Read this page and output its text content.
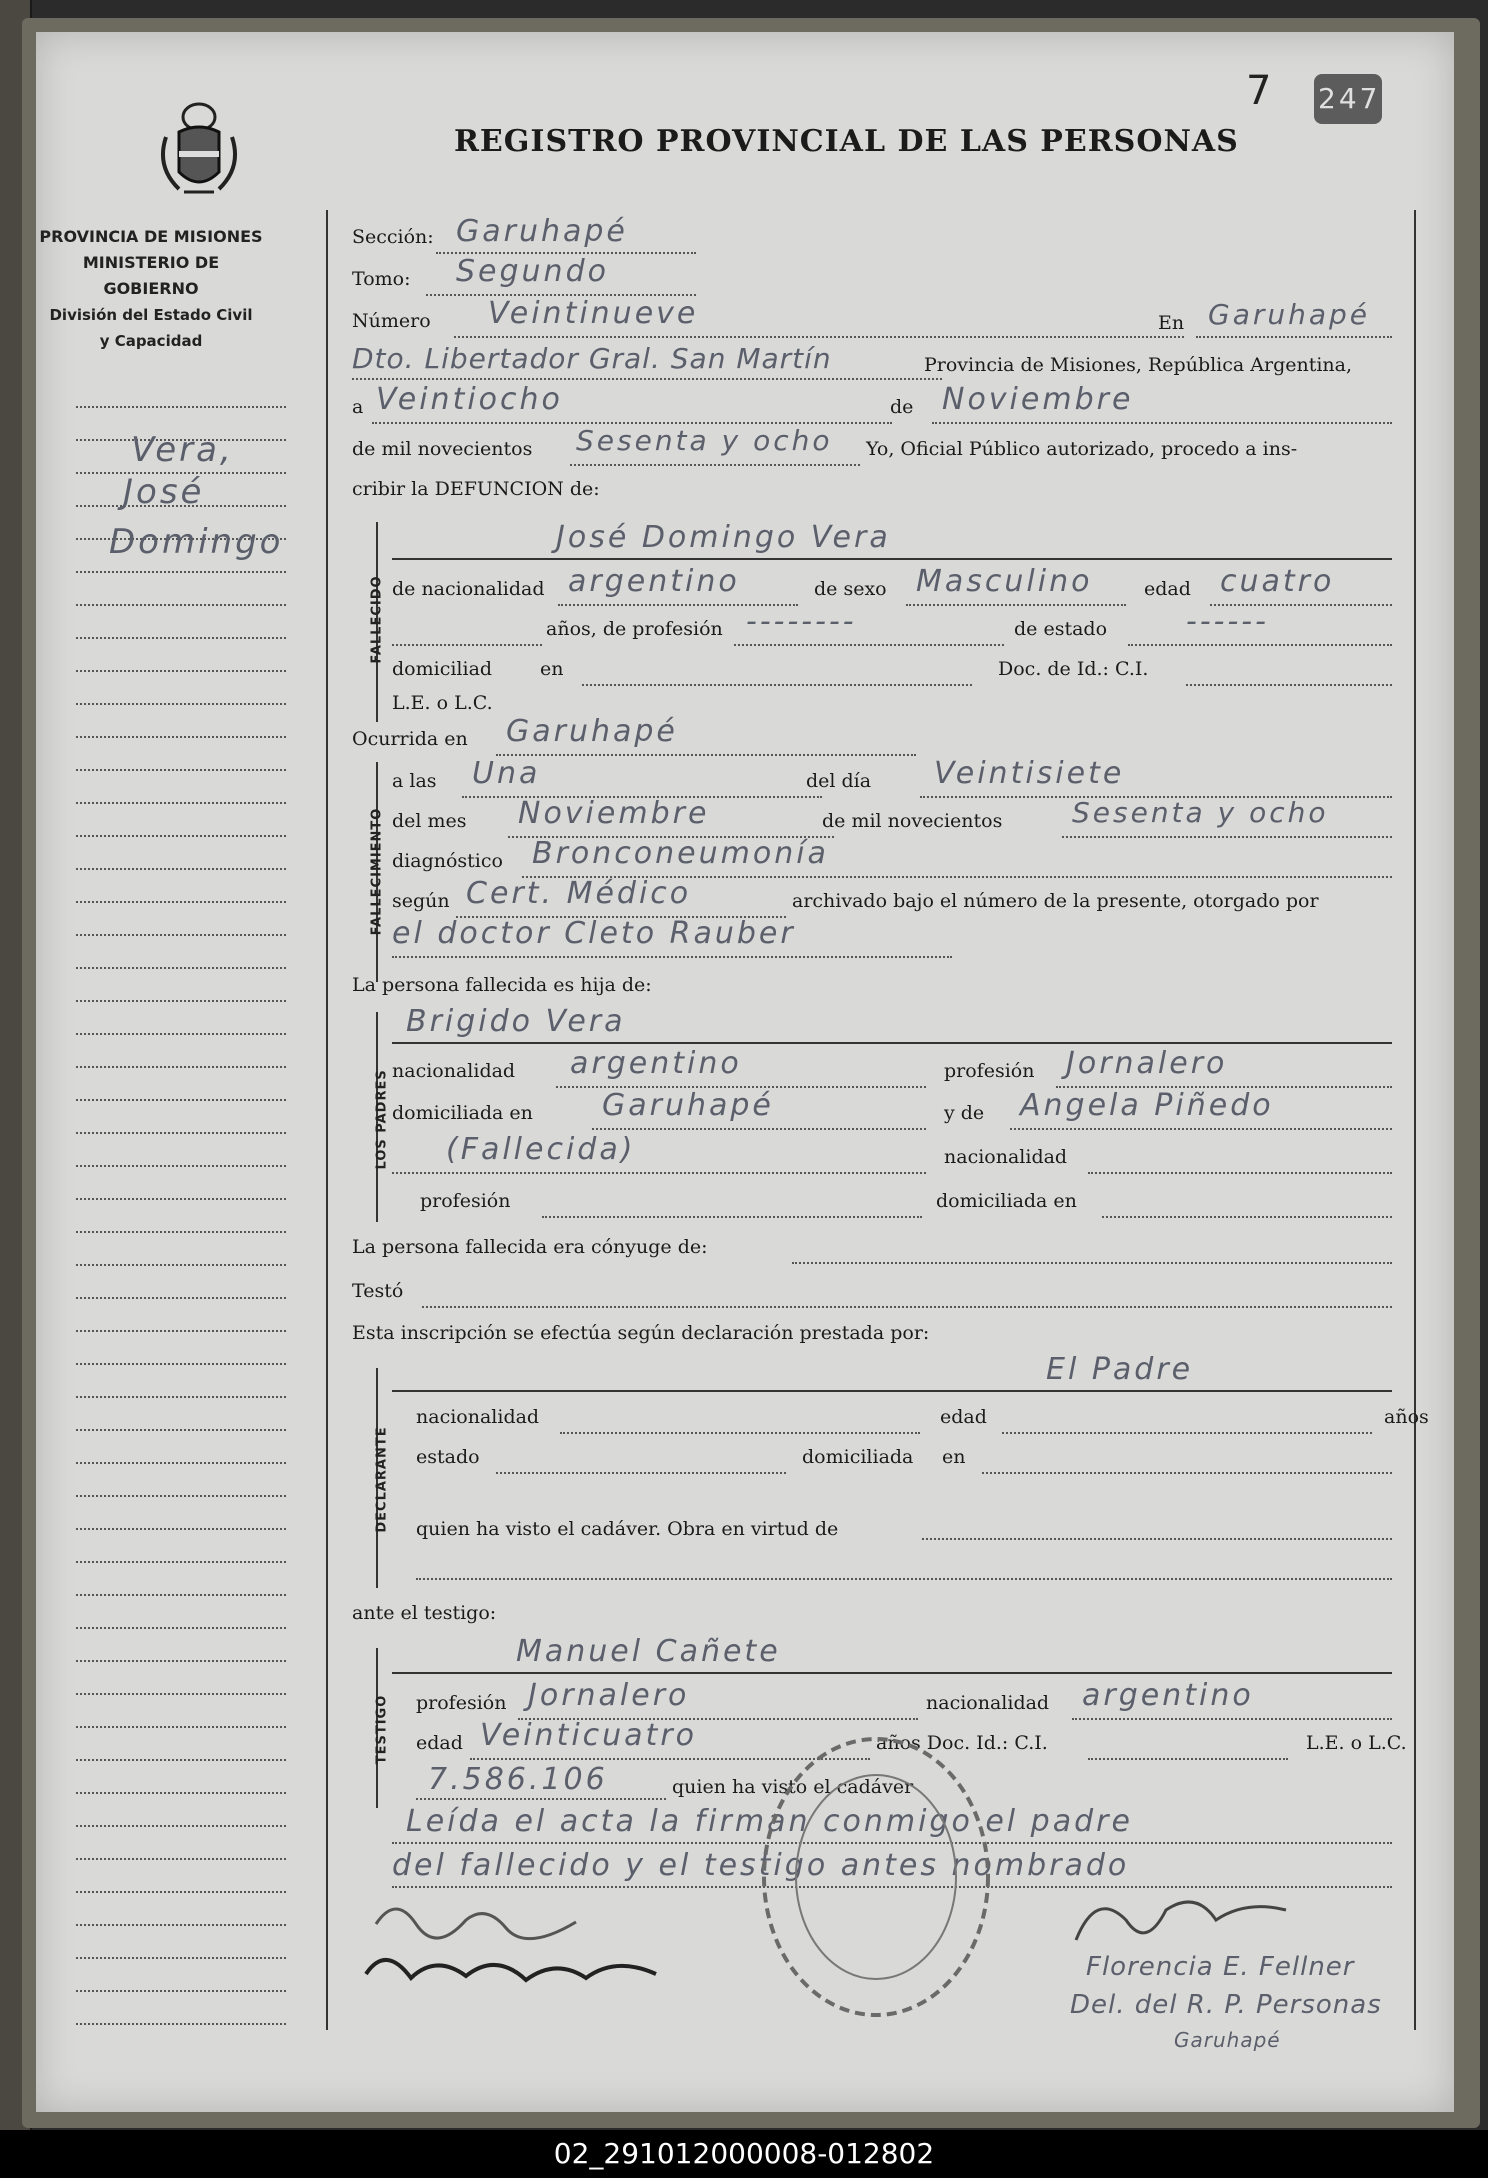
REGISTRO PROVINCIAL DE LAS PERSONAS
7 247
PROVINCIA DE MISIONES
MINISTERIO DE GOBIERNO
División del Estado Civil
y Capacidad
Vera,
José
Domingo
Sección: Garuhapé
Tomo: Segundo
Número Veintinueve	En Garuhapé
Dto. Libertador Gral. San Martín	Provincia de Misiones, República Argentina,
a Veintiocho	de Noviembre
de mil novecientos Sesenta y ocho Yo, Oficial Público autorizado, procedo a ins-
cribir la DEFUNCION de:
FALLECIDO
José Domingo Vera
de nacionalidad argentino	de sexo Masculino	edad cuatro
años, de profesión --------	de estado	------
domiciliad	en	Doc. de Id.: C.I.
L.E. o L.C.
Ocurrida en Garuhapé
FALLECIMIENTO
a las Una	del día Veintisiete
del mes Noviembre	de mil novecientos Sesenta y ocho
diagnóstico Bronconeumonía
según Cert. Médico	archivado bajo el número de la presente, otorgado por
el doctor Cleto Rauber
La persona fallecida es hija de:
LOS PADRES
Brigido Vera
nacionalidad argentino	profesión Jornalero
domiciliada en Garuhapé	y de Angela Piñedo
(Fallecida)	nacionalidad
profesión	domiciliada en
La persona fallecida era cónyuge de:
Testó
Esta inscripción se efectúa según declaración prestada por:
DECLARANTE
El Padre
nacionalidad	edad	años
estado	domiciliada en
quien ha visto el cadáver. Obra en virtud de
ante el testigo:
TESTIGO
Manuel Cañete
profesión Jornalero	nacionalidad argentino
edad Veinticuatro	años Doc. Id.: C.I.	L.E. o L.C.
7.586.106	quien ha visto el cadáver
Leída el acta la firman conmigo el padre
del fallecido y el testigo antes nombrado
Florencia E. Fellner
Del. del R. P. Personas
Garuhapé
02_291012000008-012802
